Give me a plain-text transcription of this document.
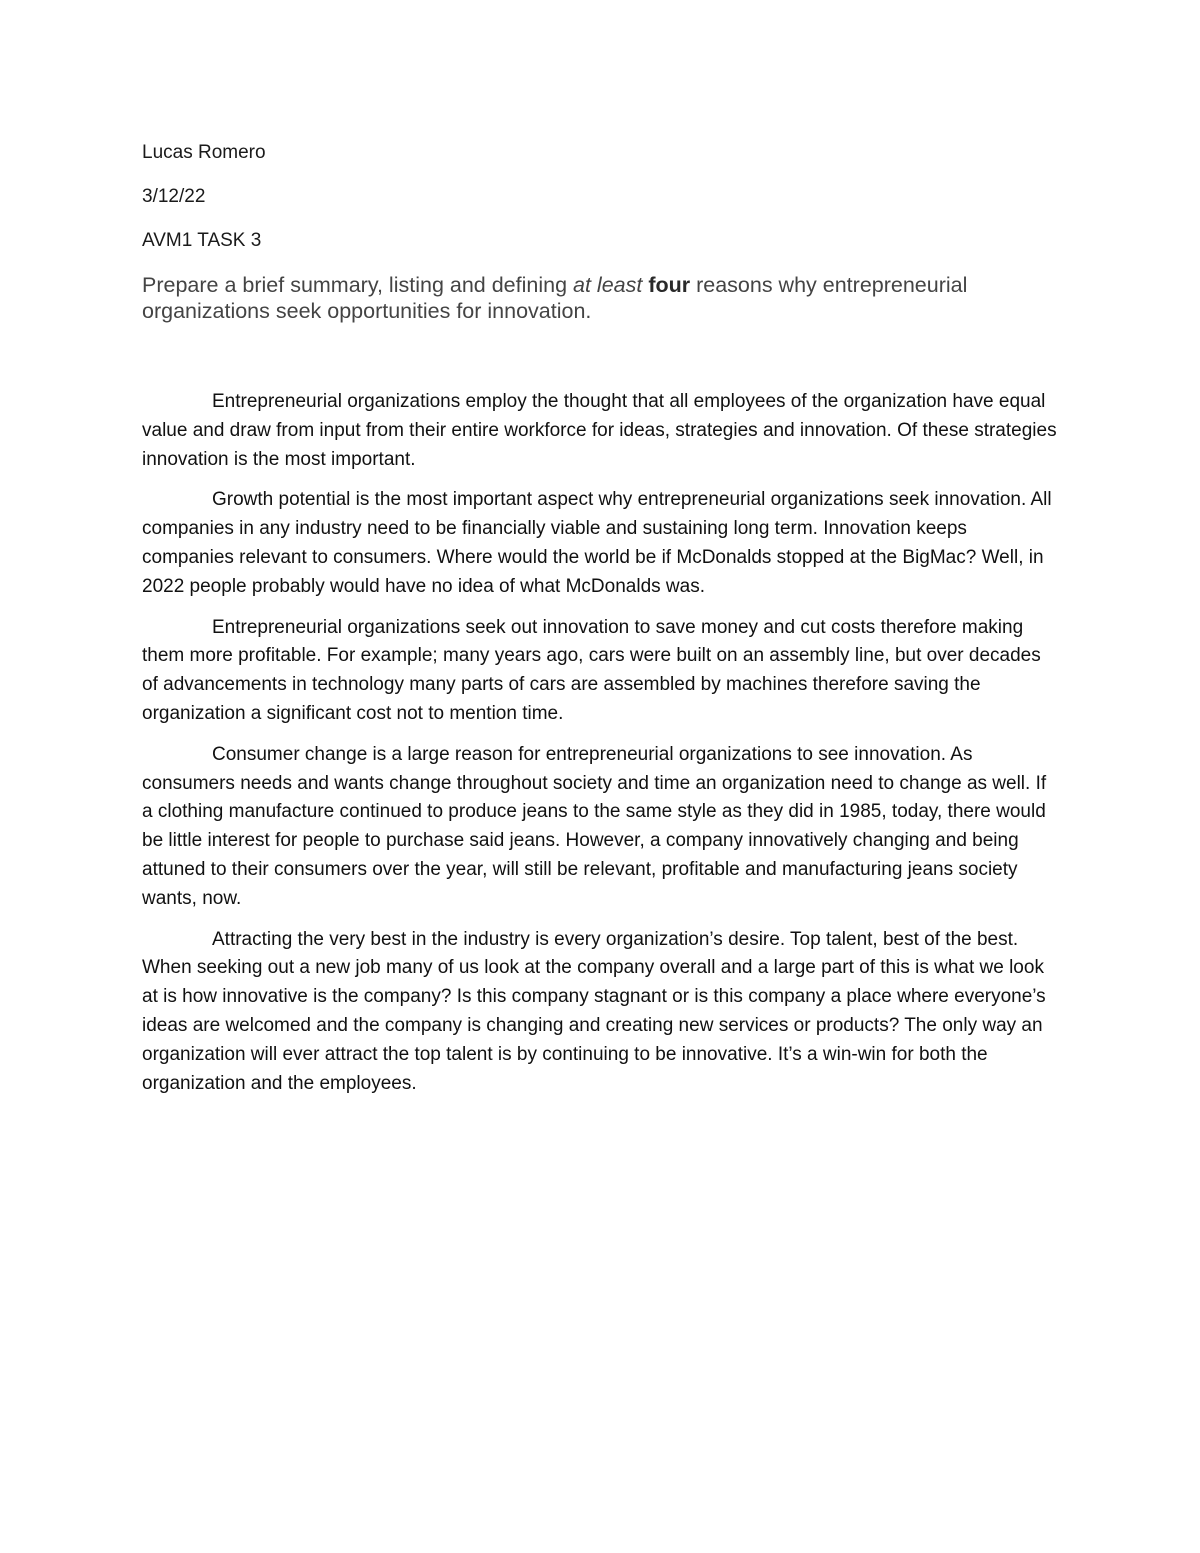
Lucas Romero
3/12/22
AVM1 TASK 3
Prepare a brief summary, listing and defining at least four reasons why entrepreneurial organizations seek opportunities for innovation.

Entrepreneurial organizations employ the thought that all employees of the organization have equal value and draw from input from their entire workforce for ideas, strategies and innovation. Of these strategies innovation is the most important.

Growth potential is the most important aspect why entrepreneurial organizations seek innovation. All companies in any industry need to be financially viable and sustaining long term. Innovation keeps companies relevant to consumers. Where would the world be if McDonalds stopped at the BigMac? Well, in 2022 people probably would have no idea of what McDonalds was.

Entrepreneurial organizations seek out innovation to save money and cut costs therefore making them more profitable. For example; many years ago, cars were built on an assembly line, but over decades of advancements in technology many parts of cars are assembled by machines therefore saving the organization a significant cost not to mention time.

Consumer change is a large reason for entrepreneurial organizations to see innovation. As consumers needs and wants change throughout society and time an organization need to change as well. If a clothing manufacture continued to produce jeans to the same style as they did in 1985, today, there would be little interest for people to purchase said jeans. However, a company innovatively changing and being attuned to their consumers over the year, will still be relevant, profitable and manufacturing jeans society wants, now.

Attracting the very best in the industry is every organization’s desire. Top talent, best of the best. When seeking out a new job many of us look at the company overall and a large part of this is what we look at is how innovative is the company? Is this company stagnant or is this company a place where everyone’s ideas are welcomed and the company is changing and creating new services or products? The only way an organization will ever attract the top talent is by continuing to be innovative. It’s a win-win for both the organization and the employees.
